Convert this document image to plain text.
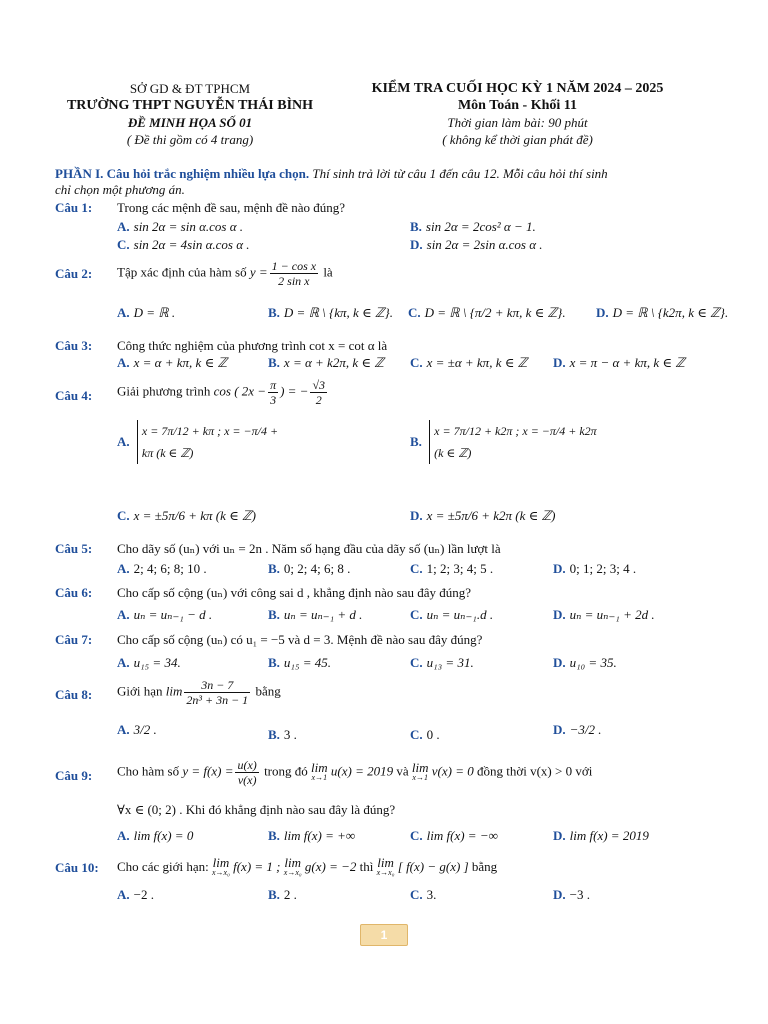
SỞ GD & ĐT TPHCM
TRƯỜNG THPT NGUYỄN THÁI BÌNH
ĐỀ MINH HỌA SỐ 01
( Đề thi gồm có 4 trang)
KIỂM TRA CUỐI HỌC KỲ 1 NĂM 2024 – 2025
Môn Toán - Khối 11
Thời gian làm bài: 90 phút
( không kể thời gian phát đề)
PHẦN I. Câu hỏi trắc nghiệm nhiều lựa chọn. Thí sinh trả lời từ câu 1 đến câu 12. Mỗi câu hỏi thí sinh
chỉ chọn một phương án.
Câu 1: Trong các mệnh đề sau, mệnh đề nào đúng?
A. sin 2α = sin α.cos α .	B. sin 2α = 2cos² α − 1.
C. sin 2α = 4sin α.cos α .	D. sin 2α = 2sin α.cos α .
Câu 2: Tập xác định của hàm số $y = \frac{\text{1 − cos x}}{\text{2 sin x}}$ là
A. D = ℝ .	B. D = ℝ \ {kπ, k ∈ ℤ}. C. D = ℝ \ {π/2 + kπ, k ∈ ℤ}. D. D = ℝ \ {k2π, k ∈ ℤ}.
Câu 3: Công thức nghiệm của phương trình cot x = cot α là
A. x = α + kπ, k ∈ ℤ	B. x = α + k2π, k ∈ ℤ C. x = ±α + kπ, k ∈ ℤ D. x = π − α + kπ, k ∈ ℤ
Câu 4: Giải phương trình cos ( $2x - \frac{\pi}{3}$ ) = − $\frac{√3}{2}$
A. x = 7π/12 + kπ ; x = −π/4 + kπ (k ∈ ℤ)
B. x = 7π/12 + k2π ; x = −π/4 + k2π (k ∈ ℤ)
C. x = ±5π/6 + kπ (k ∈ ℤ)	D. x = ±5π/6 + k2π (k ∈ ℤ)
Câu 5: Cho dãy số (uₙ) với uₙ = 2n . Năm số hạng đầu của dãy số (uₙ) lần lượt là
A. 2; 4; 6; 8; 10 .	B. 0; 2; 4; 6; 8 .	C. 1; 2; 3; 4; 5 .	D. 0; 1; 2; 3; 4 .
Câu 6: Cho cấp số cộng (uₙ) với công sai d , khẳng định nào sau đây đúng?
A. uₙ = uₙ₋₁ − d .	B. uₙ = uₙ₋₁ + d .	C. uₙ = uₙ₋₁.d .	D. uₙ = uₙ₋₁ + 2d .
Câu 7: Cho cấp số cộng (uₙ) có u₁ = −5 và d = 3. Mệnh đề nào sau đây đúng?
A. u₁₅ = 34.	B. u₁₅ = 45.	C. u₁₃ = 31.	D. u₁₀ = 35.
Câu 8: Giới hạn $\lim \frac{3n - 7}{\text{2n³ + 3n − 1}}$ bằng
A. 3/2 .	B. 3 .	C. 0 .	D. −3/2 .
Câu 9: Cho hàm số $y = f(x) = \frac{u(x)}{v(x)}$ trong đó lim
x→1 u(x) = 2019 và lim
x→1 v(x) = 0 đồng thời v(x) > 0 với
∀x ∈ (0; 2) . Khi đó khẳng định nào sau đây là đúng?
A. lim f(x) = 0	B. lim f(x) = +∞	C. lim f(x) = −∞	D. lim f(x) = 2019
Câu 10: Cho các giới hạn: lim
x→x₀ f(x) = 1 ; lim
x→x₀ g(x) = −2 thì lim
x→x₀ [ f(x) − g(x) ] bằng
A. −2 .	B. 2 .	C. 3.	D. −3 .
1
